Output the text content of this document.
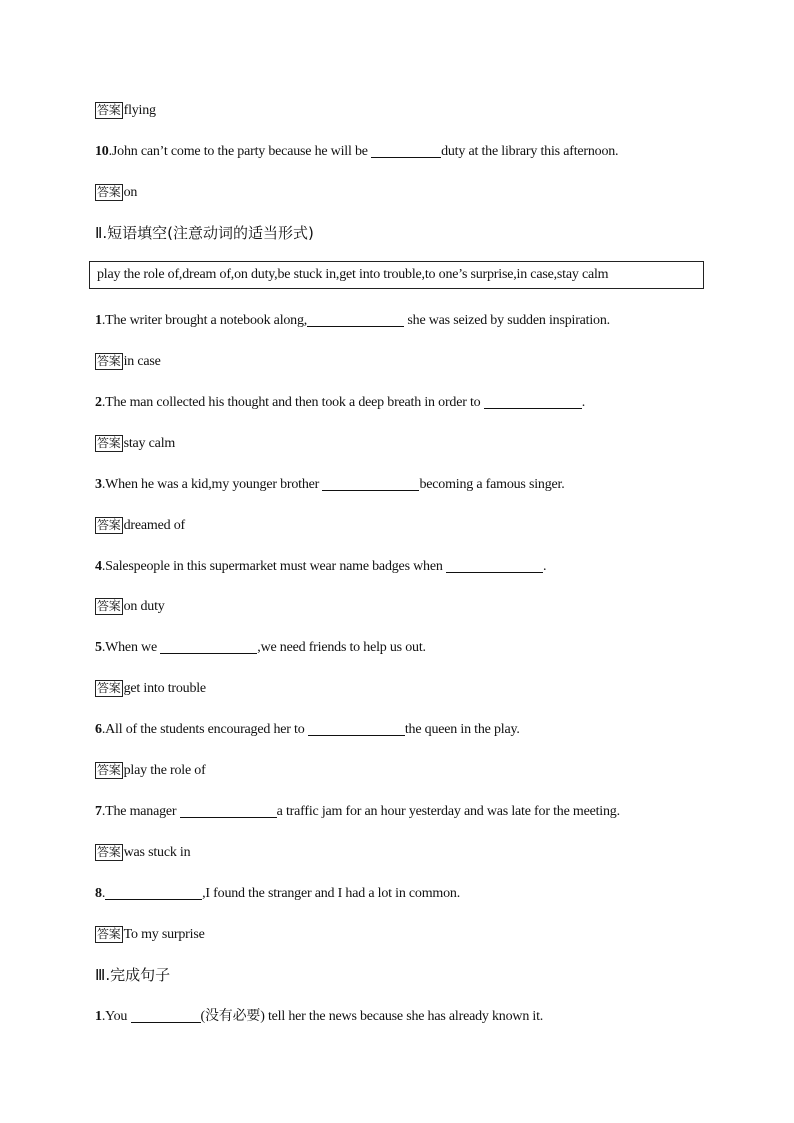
答案 flying
10.John can’t come to the party because he will be	duty at the library this afternoon.
答案 on
Ⅱ.短语填空(注意动词的适当形式)
play the role of,dream of,on duty,be stuck in,get into trouble,to one’s surprise,in case,stay calm
1.The writer brought a notebook along,	she was seized by sudden inspiration.
答案 in case
2.The man collected his thought and then took a deep breath in order to	.
答案 stay calm
3.When he was a kid,my younger brother	becoming a famous singer.
答案 dreamed of
4.Salespeople in this supermarket must wear name badges when	.
答案 on duty
5.When we	,we need friends to help us out.
答案 get into trouble
6.All of the students encouraged her to	the queen in the play.
答案 play the role of
7.The manager	a traffic jam for an hour yesterday and was late for the meeting.
答案 was stuck in
8.	,I found the stranger and I had a lot in common.
答案 To my surprise
Ⅲ.完成句子
1.You	(没有必要) tell her the news because she has already known it.
